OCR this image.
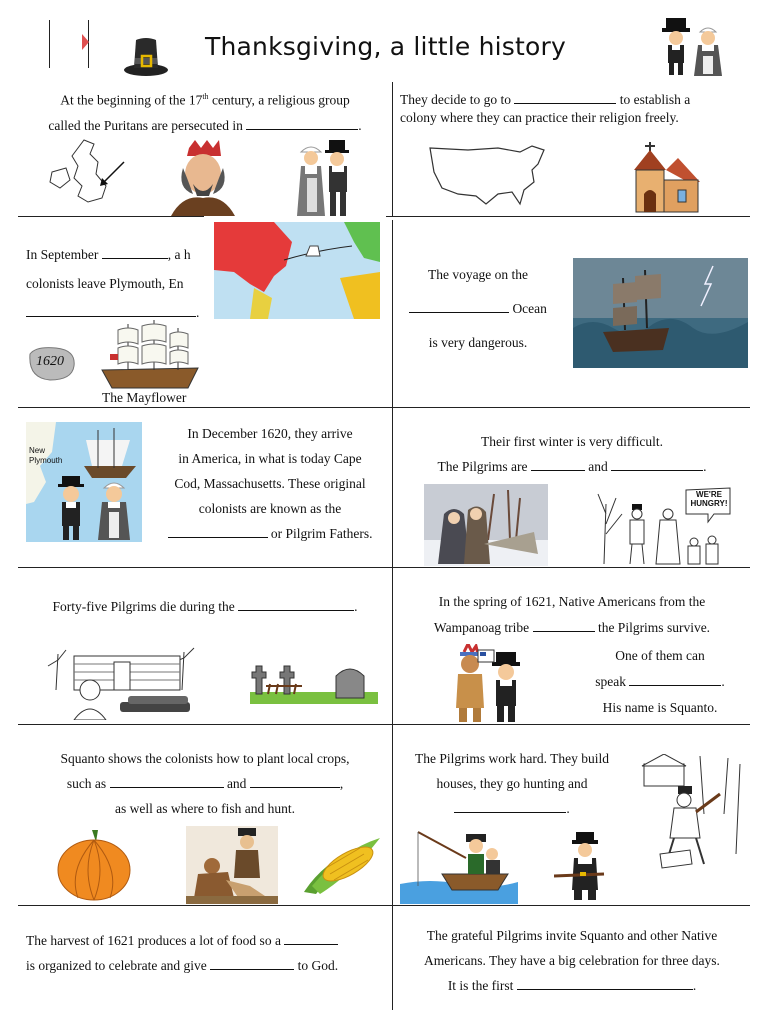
Thanksgiving, a little history
At the beginning of the 17th century, a religious group
called the Puritans are persecuted in	.
They decide to go to	to establish a
colony where they can practice their religion freely.
In September	, a h
colonists leave Plymouth, En
.
1620
The Mayflower
The voyage on the
Ocean
is very dangerous.
New Plymouth
In December 1620, they arrive
in America, in what is today Cape
Cod, Massachusetts. These original
colonists are known as the
or Pilgrim Fathers.
Their first winter is very difficult.
The Pilgrims are	and	.
WE'RE HUNGRY!
Forty-five Pilgrims die during the	.	In the spring of 1621, Native Americans from the
Wampanoag tribe	the Pilgrims survive.
One of them can
speak	.
His name is Squanto.
Squanto shows the colonists how to plant local crops,
such as	and	,
as well as where to fish and hunt.
The Pilgrims work hard. They build
houses, they go hunting and
.
The harvest of 1621 produces a lot of food so a
is organized to celebrate and give	to God.
The grateful Pilgrims invite Squanto and other Native
Americans. They have a big celebration for three days.
It is the first	.
